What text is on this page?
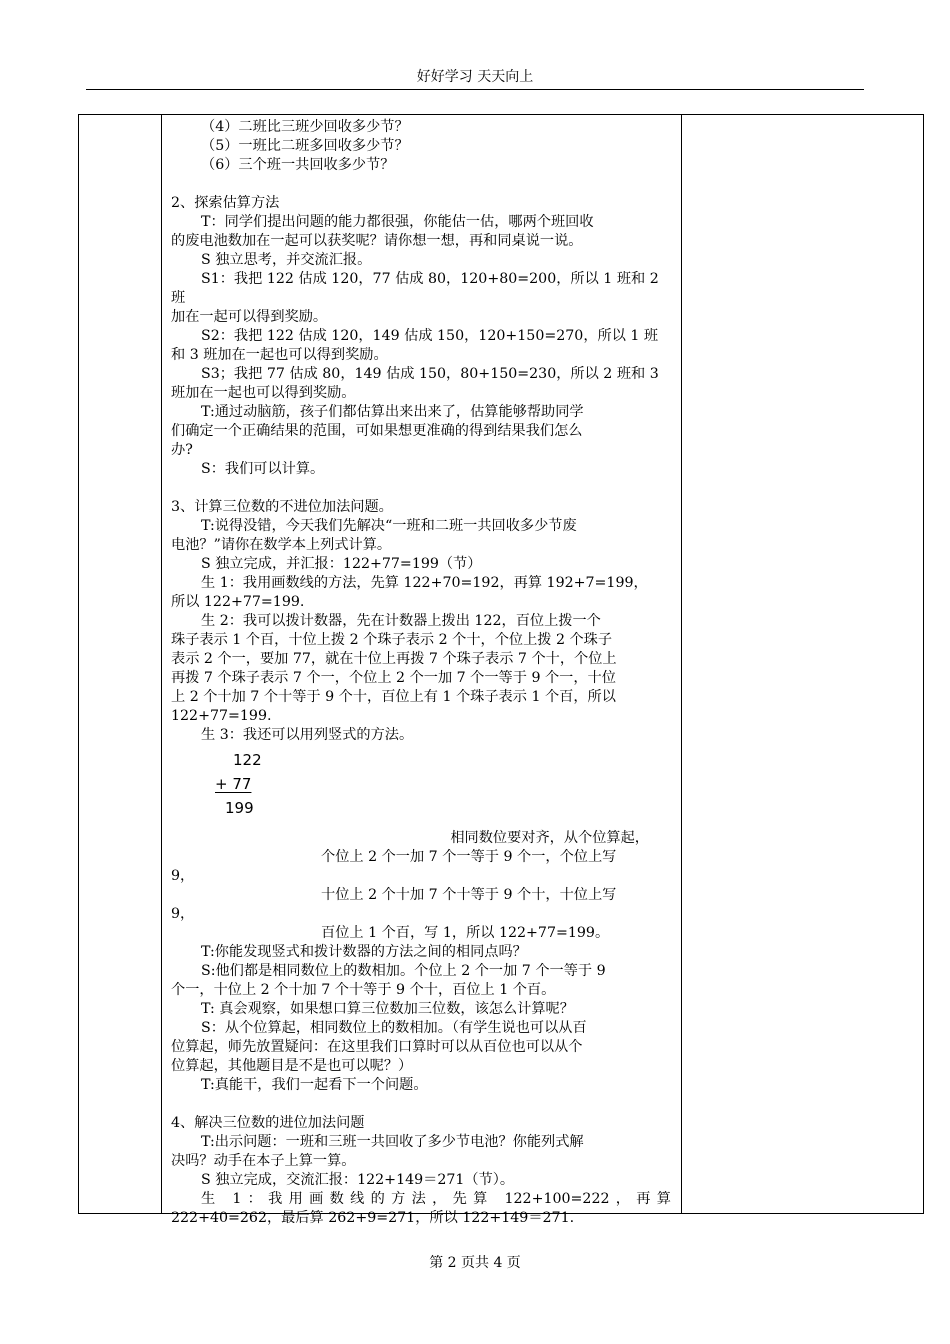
好好学习 天天向上

（4）二班比三班少回收多少节？

（5）一班比二班多回收多少节？

（6）三个班一共回收多少节？

2、探索估算方法

T：同学们提出问题的能力都很强，你能估一估，哪两个班回收

的废电池数加在一起可以获奖呢？请你想一想，再和同桌说一说。

S 独立思考，并交流汇报。

S1：我把 122 估成 120，77 估成 80，120+80=200，所以 1 班和 2 班

加在一起可以得到奖励。

S2：我把 122 估成 120，149 估成 150，120+150=270，所以 1 班

和 3 班加在一起也可以得到奖励。

S3；我把 77 估成 80，149 估成 150，80+150=230，所以 2 班和 3

班加在一起也可以得到奖励。

T:通过动脑筋，孩子们都估算出来出来了，估算能够帮助同学

们确定一个正确结果的范围，可如果想更准确的得到结果我们怎么

办?

S：我们可以计算。

3、计算三位数的不进位加法问题。

T:说得没错，今天我们先解决“一班和二班一共回收多少节废

电池？”请你在数学本上列式计算。

S 独立完成，并汇报：122+77=199（节）

生 1：我用画数线的方法，先算 122+70=192，再算 192+7=199，

所以 122+77=199.

生 2：我可以拨计数器，先在计数器上拨出 122，百位上拨一个

珠子表示 1 个百，十位上拨 2 个珠子表示 2 个十，个位上拨 2 个珠子

表示 2 个一，要加 77，就在十位上再拨 7 个珠子表示 7 个十，个位上

再拨 7 个珠子表示 7 个一，个位上 2 个一加 7 个一等于 9 个一，十位

上 2 个十加 7 个十等于 9 个十，百位上有 1 个珠子表示 1 个百，所以

122+77=199.

生 3：我还可以用列竖式的方法。

122
+ 77
199

相同数位要对齐，从个位算起，

个位上 2 个一加 7 个一等于 9 个一，个位上写

9，

十位上 2 个十加 7 个十等于 9 个十，十位上写

9，

百位上 1 个百，写 1，所以 122+77=199。

T:你能发现竖式和拨计数器的方法之间的相同点吗？

S:他们都是相同数位上的数相加。个位上 2 个一加 7 个一等于 9

个一，十位上 2 个十加 7 个十等于 9 个十，百位上 1 个百。

T: 真会观察，如果想口算三位数加三位数，该怎么计算呢？

S：从个位算起，相同数位上的数相加。（有学生说也可以从百

位算起，师先放置疑问：在这里我们口算时可以从百位也可以从个

位算起，其他题目是不是也可以呢？）

T:真能干，我们一起看下一个问题。

4、解决三位数的进位加法问题

T:出示问题：一班和三班一共回收了多少节电池？你能列式解

决吗？动手在本子上算一算。

S 独立完成，交流汇报：122+149＝271（节）。

生 1：我用画数线的方法，先算 122+100=222，再算

222+40=262，最后算 262+9=271，所以 122+149＝271.

第 2 页共 4 页
